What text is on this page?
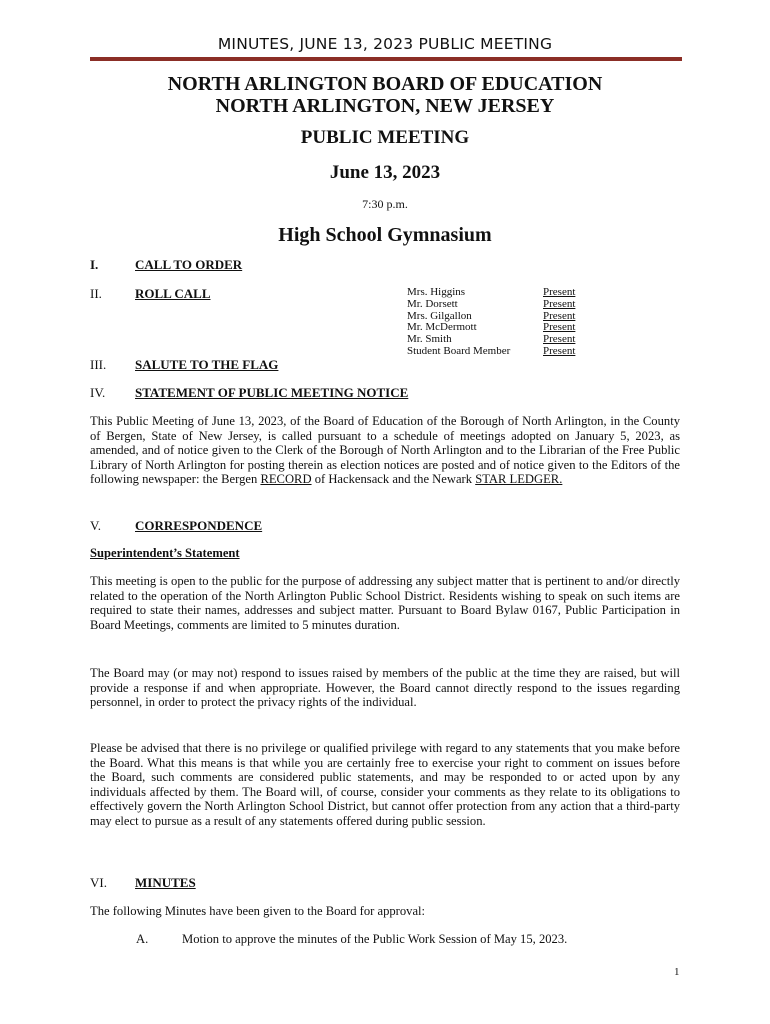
MINUTES, JUNE 13, 2023 PUBLIC MEETING
NORTH ARLINGTON BOARD OF EDUCATION
NORTH ARLINGTON, NEW JERSEY
PUBLIC MEETING
June 13, 2023
7:30 p.m.
High School Gymnasium
I.	CALL TO ORDER
II.	ROLL CALL	Mrs. Higgins	Present
Mr. Dorsett	Present
Mrs. Gilgallon	Present
Mr. McDermott	Present
Mr. Smith	Present
Student Board Member	Present
III.	SALUTE TO THE FLAG
IV.	STATEMENT OF PUBLIC MEETING NOTICE

This Public Meeting of June 13, 2023, of the Board of Education of the Borough of North Arlington, in the County of Bergen, State of New Jersey, is called pursuant to a schedule of meetings adopted on January 5, 2023, as amended, and of notice given to the Clerk of the Borough of North Arlington and to the Librarian of the Free Public Library of North Arlington for posting therein as election notices are posted and of notice given to the Editors of the following newspaper: the Bergen RECORD of Hackensack and the Newark STAR LEDGER.

V.	CORRESPONDENCE
Superintendent’s Statement

This meeting is open to the public for the purpose of addressing any subject matter that is pertinent to and/or directly related to the operation of the North Arlington Public School District. Residents wishing to speak on such items are required to state their names, addresses and subject matter. Pursuant to Board Bylaw 0167, Public Participation in Board Meetings, comments are limited to 5 minutes duration.

The Board may (or may not) respond to issues raised by members of the public at the time they are raised, but will provide a response if and when appropriate. However, the Board cannot directly respond to the issues regarding personnel, in order to protect the privacy rights of the individual.

Please be advised that there is no privilege or qualified privilege with regard to any statements that you make before the Board. What this means is that while you are certainly free to exercise your right to comment on issues before the Board, such comments are considered public statements, and may be responded to or acted upon by any individuals affected by them. The Board will, of course, consider your comments as they relate to its obligations to effectively govern the North Arlington School District, but cannot offer protection from any action that a third-party may elect to pursue as a result of any statements offered during public session.

VI.	MINUTES

The following Minutes have been given to the Board for approval:

A.	Motion to approve the minutes of the Public Work Session of May 15, 2023.
1
